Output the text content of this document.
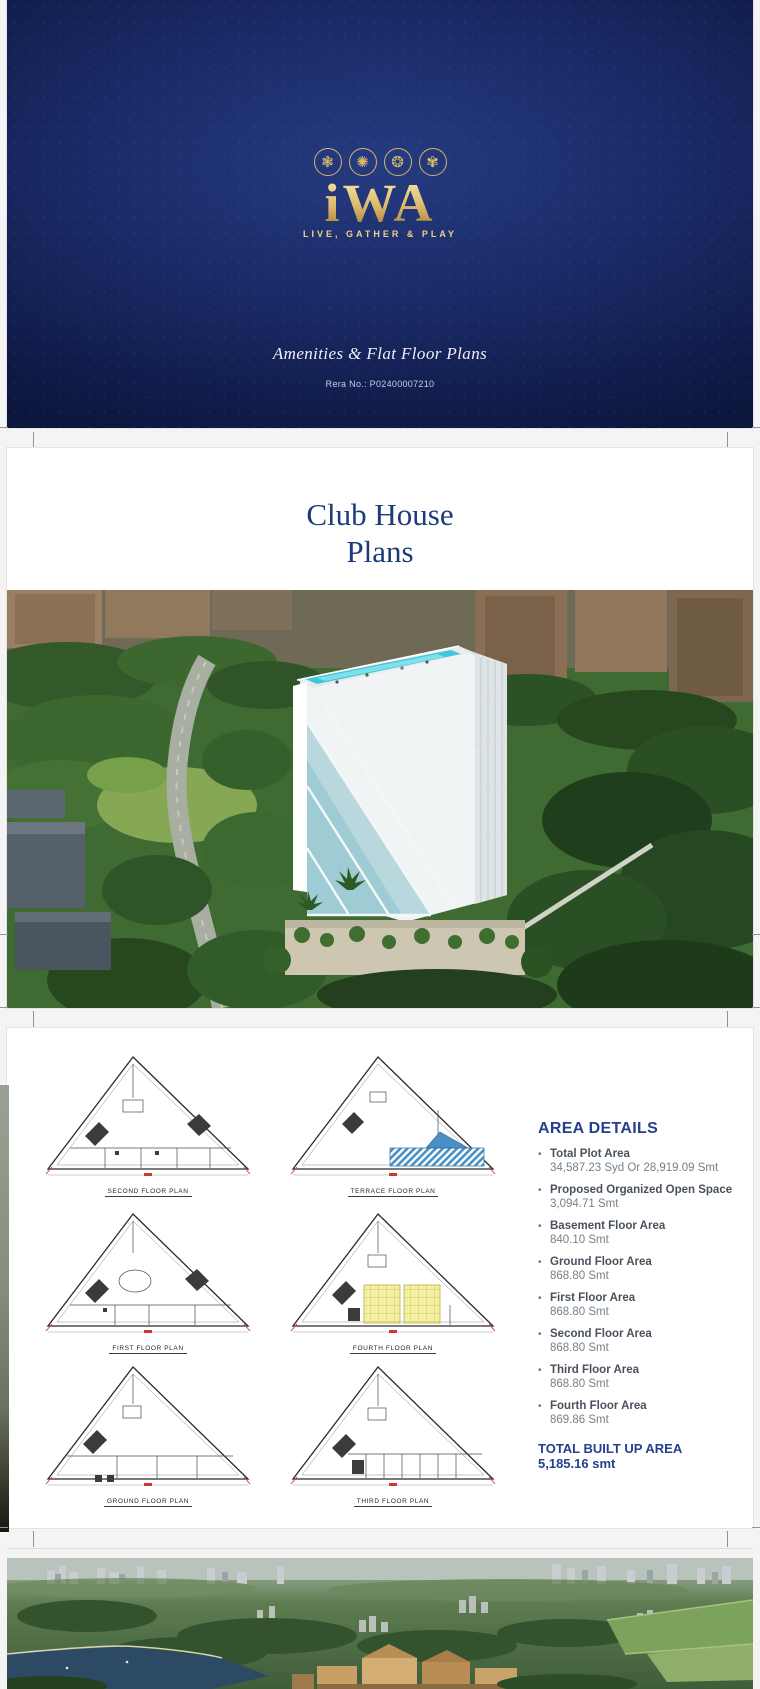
❃	✺	❂	✾
iWA
LIVE, GATHER & PLAY
Amenities & Flat Floor Plans
Rera No.: P02400007210
Club House
Plans
SECOND FLOOR PLAN	TERRACE FLOOR PLAN
FIRST FLOOR PLAN	FOURTH FLOOR PLAN
GROUND FLOOR PLAN	THIRD FLOOR PLAN
AREA DETAILS
• Total Plot Area
34,587.23 Syd Or 28,919.09 Smt
• Proposed Organized Open Space
3,094.71 Smt
• Basement Floor Area
840.10 Smt
• Ground Floor Area
868.80 Smt
• First Floor Area
868.80 Smt
• Second Floor Area
868.80 Smt
• Third Floor Area
868.80 Smt
• Fourth Floor Area
869.86 Smt
TOTAL BUILT UP AREA
5,185.16 smt
